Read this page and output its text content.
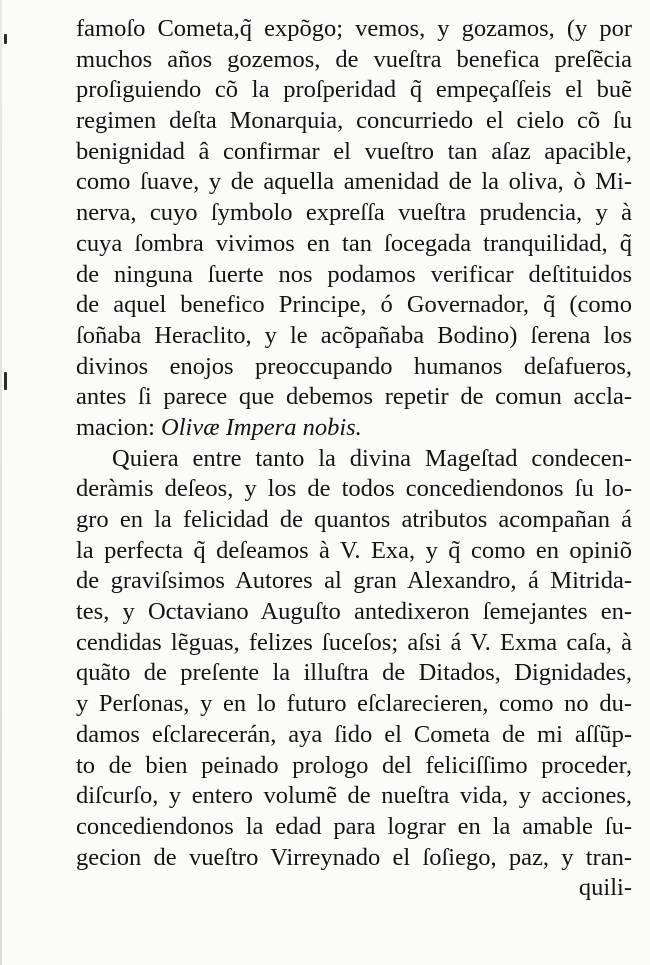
famoſo Cometa,q̃ expõgo; vemos, y gozamos, (y por
muchos años gozemos, de vueſtra benefica preſẽcia
proſiguiendo cõ la proſperidad q̃ empeçaſſeis el buẽ
regimen deſta Monarquia, concurriedo el cielo cõ ſu
benignidad â confirmar el vueſtro tan aſaz apacible,
como ſuave, y de aquella amenidad de la oliva, ò Mi-
nerva, cuyo ſymbolo expreſſa vueſtra prudencia, y à
cuya ſombra vivimos en tan ſocegada tranquilidad, q̃
de ninguna ſuerte nos podamos verificar deſtituidos
de aquel benefico Principe, ó Governador, q̃ (como
ſoñaba Heraclito, y le acõpañaba Bodino) ſerena los
divinos enojos preoccupando humanos deſafueros,
antes ſi parece que debemos repetir de comun accla-
macion: Olivæ Impera nobis.
Quiera entre tanto la divina Mageſtad condecen-
deràmis deſeos, y los de todos concediendonos ſu lo-
gro en la felicidad de quantos atributos acompañan á
la perfecta q̃ deſeamos à V. Exa, y q̃ como en opiniõ
de graviſsimos Autores al gran Alexandro, á Mitrida-
tes, y Octaviano Auguſto antedixeron ſemejantes en-
cendidas lẽguas, felizes ſuceſos; aſsi á V. Exma caſa, à
quãto de preſente la illuſtra de Ditados, Dignidades,
y Perſonas, y en lo futuro eſclarecieren, como no du-
damos eſclarecerán, aya ſido el Cometa de mi aſſũp-
to de bien peinado prologo del feliciſſimo proceder,
diſcurſo, y entero volumẽ de nueſtra vida, y acciones,
concediendonos la edad para lograr en la amable ſu-
gecion de vueſtro Virreynado el ſoſiego, paz, y tran-
quili-
